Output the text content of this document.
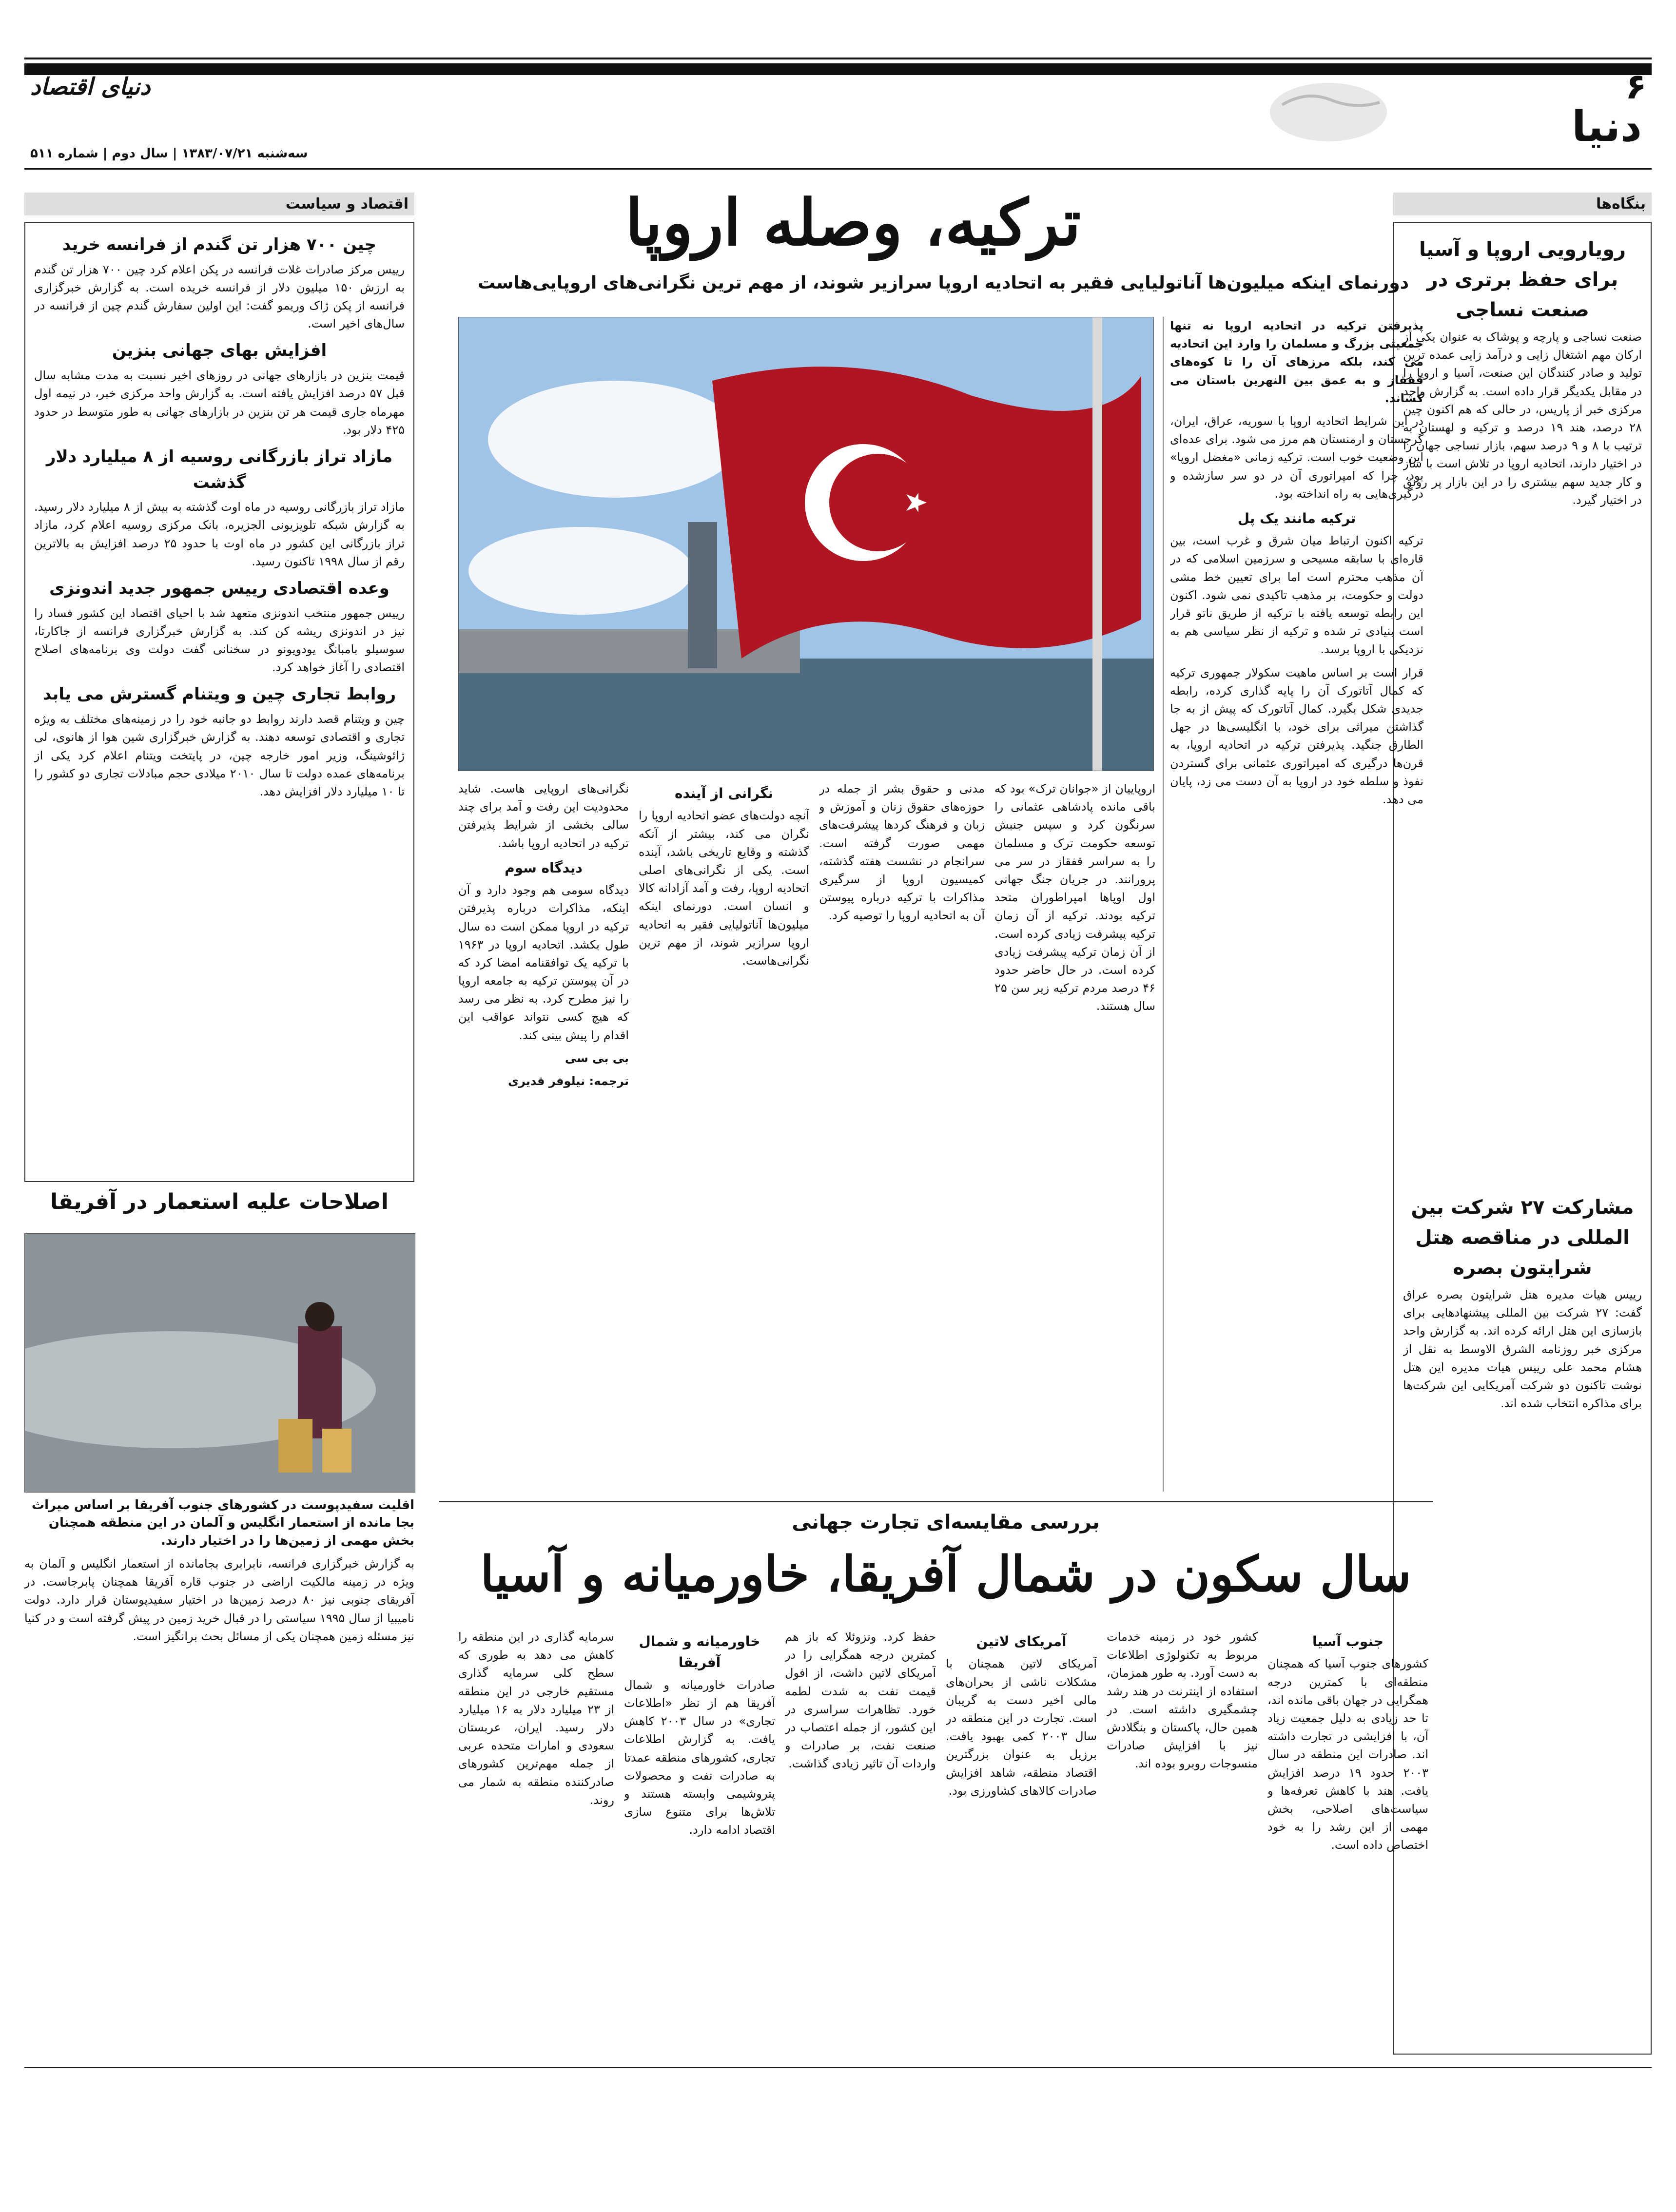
۶
دنیای اقتصاد
دنیا
سه‌شنبه ۱۳۸۳/۰۷/۲۱ | سال دوم | شماره ۵۱۱
بنگاه‌ها
رویارویی اروپا و آسیا برای حفظ برتری در صنعت نساجی

صنعت نساجی و پارچه و پوشاک به عنوان یکی از ارکان مهم اشتغال زایی و درآمد زایی عمده ترین تولید و صادر کنندگان این صنعت، آسیا و اروپا را در مقابل یکدیگر قرار داده است. به گزارش واحد مرکزی خبر از پاریس، در حالی که هم اکنون چین ۲۸ درصد، هند ۱۹ درصد و ترکیه و لهستان به ترتیب با ۸ و ۹ درصد سهم، بازار نساجی جهان را در اختیار دارند، اتحادیه اروپا در تلاش است با ساز و کار جدید سهم بیشتری را در این بازار پر رونق در اختیار گیرد.

مشارکت ۲۷ شرکت بین المللی در مناقصه هتل شرایتون بصره

رییس هیات مدیره هتل شرایتون بصره عراق گفت: ۲۷ شرکت بین المللی پیشنهادهایی برای بازسازی این هتل ارائه کرده اند. به گزارش واحد مرکزی خبر روزنامه الشرق الاوسط به نقل از هشام محمد علی رییس هیات مدیره این هتل نوشت تاکنون دو شرکت آمریکایی این شرکت‌ها برای مذاکره انتخاب شده اند.

اقتصاد و سیاست
چین ۷۰۰ هزار تن گندم از فرانسه خرید

رییس مرکز صادرات غلات فرانسه در پکن اعلام کرد چین ۷۰۰ هزار تن گندم به ارزش ۱۵۰ میلیون دلار از فرانسه خریده است. به گزارش خبرگزاری فرانسه از پکن ژاک وریمو گفت: این اولین سفارش گندم چین از فرانسه در سال‌های اخیر است.

افزایش بهای جهانی بنزین

قیمت بنزین در بازارهای جهانی در روزهای اخیر نسبت به مدت مشابه سال قبل ۵۷ درصد افزایش یافته است. به گزارش واحد مرکزی خبر، در نیمه اول مهرماه جاری قیمت هر تن بنزین در بازارهای جهانی به طور متوسط در حدود ۴۲۵ دلار بود.

مازاد تراز بازرگانی روسیه از ۸ میلیارد دلار گذشت

مازاد تراز بازرگانی روسیه در ماه اوت گذشته به بیش از ۸ میلیارد دلار رسید. به گزارش شبکه تلویزیونی الجزیره، بانک مرکزی روسیه اعلام کرد، مازاد تراز بازرگانی این کشور در ماه اوت با حدود ۲۵ درصد افزایش به بالاترین رقم از سال ۱۹۹۸ تاکنون رسید.

وعده اقتصادی رییس جمهور جدید اندونزی

رییس جمهور منتخب اندونزی متعهد شد با احیای اقتصاد این کشور فساد را نیز در اندونزی ریشه کن کند. به گزارش خبرگزاری فرانسه از جاکارتا، سوسیلو بامبانگ یودویونو در سخنانی گفت دولت وی برنامه‌های اصلاح اقتصادی را آغاز خواهد کرد.

روابط تجاری چین و ویتنام گسترش می یابد

چین و ویتنام قصد دارند روابط دو جانبه خود را در زمینه‌های مختلف به ویژه تجاری و اقتصادی توسعه دهند. به گزارش خبرگزاری شین هوا از هانوی، لی ژائوشینگ، وزیر امور خارجه چین، در پایتخت ویتنام اعلام کرد یکی از برنامه‌های عمده دولت تا سال ۲۰۱۰ میلادی حجم مبادلات تجاری دو کشور را تا ۱۰ میلیارد دلار افزایش دهد.

اصلاحات علیه استعمار در آفریقا
اقلیت سفیدپوست در کشورهای جنوب آفریقا بر اساس میراث بجا مانده از استعمار انگلیس و آلمان در این منطقه همچنان بخش مهمی از زمین‌ها را در اختیار دارند.
به گزارش خبرگزاری فرانسه، نابرابری بجامانده از استعمار انگلیس و آلمان به ویژه در زمینه مالکیت اراضی در جنوب قاره آفریقا همچنان پابرجاست. در آفریقای جنوبی نیز ۸۰ درصد زمین‌ها در اختیار سفیدپوستان قرار دارد. دولت نامیبیا از سال ۱۹۹۵ سیاستی را در قبال خرید زمین در پیش گرفته است و در کنیا نیز مسئله زمین همچنان یکی از مسائل بحث برانگیز است.
ترکیه، وصله اروپا
دورنمای اینکه میلیون‌ها آناتولیایی فقیر به اتحادیه اروپا سرازیر شوند، از مهم ترین نگرانی‌های اروپایی‌هاست

پذیرفتن ترکیه در اتحادیه اروپا نه تنها جمعیتی بزرگ و مسلمان را وارد این اتحادیه می کند، بلکه مرزهای آن را تا کوه‌های قفقاز و به عمق بین النهرین باستان می کشاند.

در این شرایط اتحادیه اروپا با سوریه، عراق، ایران، گرجستان و ارمنستان هم مرز می شود. برای عده‌ای این وضعیت خوب است. ترکیه زمانی «مغضل اروپا» بود، چرا که امپراتوری آن در دو سر سازشده و درگیری‌هایی به راه انداخته بود.

ترکیه مانند یک پل

ترکیه اکنون ارتباط میان شرق و غرب است، بین قاره‌ای با سابقه مسیحی و سرزمین اسلامی که در آن مذهب محترم است اما برای تعیین خط مشی دولت و حکومت، بر مذهب تاکیدی نمی شود. اکنون این رابطه توسعه یافته با ترکیه از طریق ناتو قرار است بنیادی تر شده و ترکیه از نظر سیاسی هم به نزدیکی با اروپا برسد.

قرار است بر اساس ماهیت سکولار جمهوری ترکیه که کمال آتاتورک آن را پایه گذاری کرده، رابطه جدیدی شکل بگیرد. کمال آتاتورک که پیش از به جا گذاشتن میراثی برای خود، با انگلیسی‌ها در جهل الطارق جنگید. پذیرفتن ترکیه در اتحادیه اروپا، به قرن‌ها درگیری که امپراتوری عثمانی برای گستردن نفوذ و سلطه خود در اروپا به آن دست می زد، پایان می دهد.

اروپاییان از «جوانان ترک» بود که باقی مانده پادشاهی عثمانی را سرنگون کرد و سپس جنبش توسعه حکومت ترک و مسلمان را به سراسر قفقاز در سر می پرورانند. در جریان جنگ جهانی اول اوپاها امپراطوران متحد ترکیه بودند. ترکیه از آن زمان ترکیه پیشرفت زیادی کرده است. از آن زمان ترکیه پیشرفت زیادی کرده است. در حال حاضر حدود ۴۶ درصد مردم ترکیه زیر سن ۲۵ سال هستند.

مدنی و حقوق بشر از جمله در حوزه‌های حقوق زنان و آموزش و زبان و فرهنگ کردها پیشرفت‌های مهمی صورت گرفته است. سرانجام در نشست هفته گذشته، کمیسیون اروپا از سرگیری مذاکرات با ترکیه درباره پیوستن آن به اتحادیه اروپا را توصیه کرد.

نگرانی از آینده

آنچه دولت‌های عضو اتحادیه اروپا را نگران می کند، بیشتر از آنکه گذشته و وقایع تاریخی باشد، آینده است. یکی از نگرانی‌های اصلی اتحادیه اروپا، رفت و آمد آزادانه کالا و انسان است. دورنمای اینکه میلیون‌ها آناتولیایی فقیر به اتحادیه اروپا سرازیر شوند، از مهم ترین نگرانی‌هاست.

نگرانی‌های اروپایی هاست. شاید محدودیت این رفت و آمد برای چند سالی بخشی از شرایط پذیرفتن ترکیه در اتحادیه اروپا باشد.

دیدگاه سوم

دیدگاه سومی هم وجود دارد و آن اینکه، مذاکرات درباره پذیرفتن ترکیه در اروپا ممکن است ده سال طول بکشد. اتحادیه اروپا در ۱۹۶۳ با ترکیه یک توافقنامه امضا کرد که در آن پیوستن ترکیه به جامعه اروپا را نیز مطرح کرد. به نظر می رسد که هیچ کسی نتواند عواقب این اقدام را پیش بینی کند.

بی بی سی

ترجمه: نیلوفر قدیری

بررسی مقایسه‌ای تجارت جهانی
سال سکون در شمال آفریقا، خاورمیانه و آسیا
جنوب آسیا

کشورهای جنوب آسیا که همچنان منطقه‌ای با کمترین درجه همگرایی در جهان باقی مانده اند، تا حد زیادی به دلیل جمعیت زیاد آن، با افزایشی در تجارت داشته اند. صادرات این منطقه در سال ۲۰۰۳ حدود ۱۹ درصد افزایش یافت. هند با کاهش تعرفه‌ها و سیاست‌های اصلاحی، بخش مهمی از این رشد را به خود اختصاص داده است.

کشور خود در زمینه خدمات مربوط به تکنولوژی اطلاعات به دست آورد. به طور همزمان، استفاده از اینترنت در هند رشد چشمگیری داشته است. در همین حال، پاکستان و بنگلادش نیز با افزایش صادرات منسوجات روبرو بوده اند.

آمریکای لاتین

آمریکای لاتین همچنان با مشکلات ناشی از بحران‌های مالی اخیر دست به گریبان است. تجارت در این منطقه در سال ۲۰۰۳ کمی بهبود یافت. برزیل به عنوان بزرگترین اقتصاد منطقه، شاهد افزایش صادرات کالاهای کشاورزی بود.

حفظ کرد. ونزوئلا که باز هم کمترین درجه همگرایی را در آمریکای لاتین داشت، از افول قیمت نفت به شدت لطمه خورد. تظاهرات سراسری در این کشور، از جمله اعتصاب در صنعت نفت، بر صادرات و واردات آن تاثیر زیادی گذاشت.

خاورمیانه و شمال آفریقا

صادرات خاورمیانه و شمال آفریقا هم از نظر «اطلاعات تجاری» در سال ۲۰۰۳ کاهش یافت. به گزارش اطلاعات تجاری، کشورهای منطقه عمدتا به صادرات نفت و محصولات پتروشیمی وابسته هستند و تلاش‌ها برای متنوع سازی اقتصاد ادامه دارد.

سرمایه گذاری در این منطقه را کاهش می دهد به طوری که سطح کلی سرمایه گذاری مستقیم خارجی در این منطقه از ۲۳ میلیارد دلار به ۱۶ میلیارد دلار رسید. ایران، عربستان سعودی و امارات متحده عربی از جمله مهم‌ترین کشورهای صادرکننده منطقه به شمار می روند.
